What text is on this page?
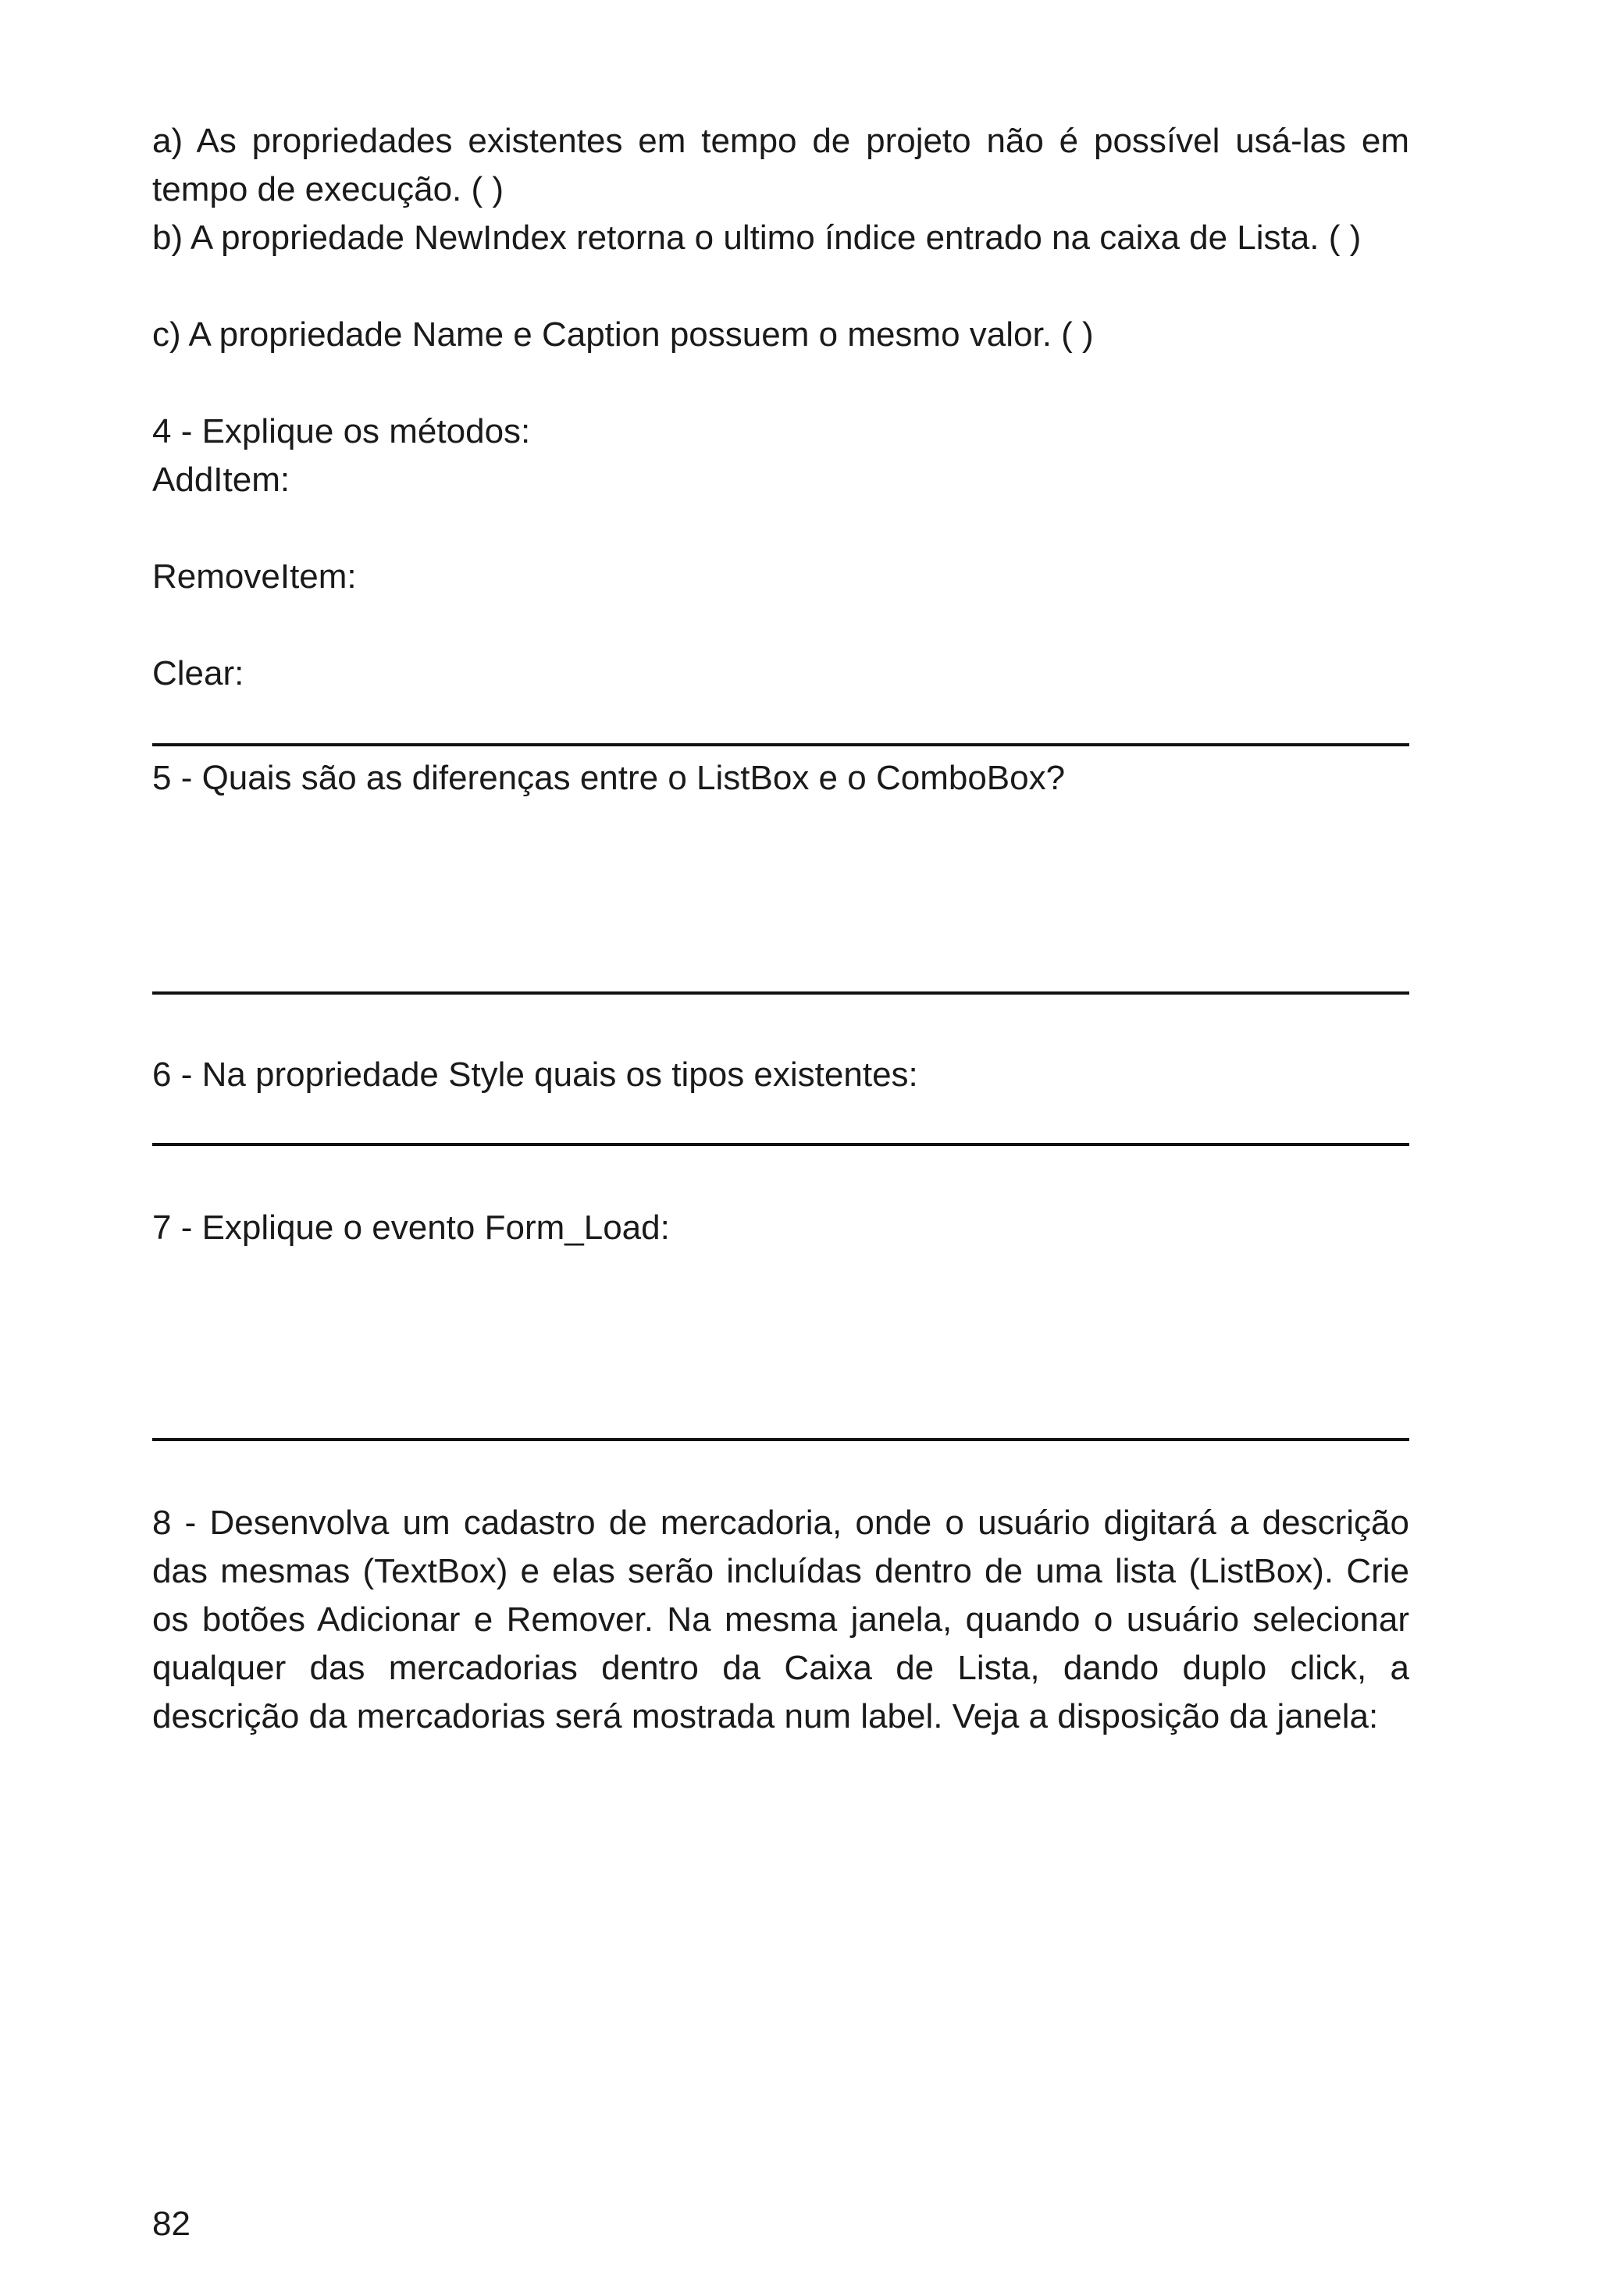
a) As propriedades existentes em tempo de projeto não é possível usá-las em tempo de execução. ( )

b) A propriedade NewIndex retorna o ultimo índice entrado na caixa de Lista. ( )

c) A propriedade Name e Caption possuem o mesmo valor. ( )

4 - Explique os métodos:

AddItem:

RemoveItem:

Clear:

5 - Quais são as diferenças entre o ListBox e o ComboBox?

6 - Na propriedade Style quais os tipos existentes:

7 - Explique o evento Form_Load:

8 - Desenvolva um cadastro de mercadoria, onde o usuário digitará a descrição das mesmas (TextBox) e elas serão incluídas dentro de uma lista (ListBox). Crie os botões Adicionar e Remover. Na mesma janela, quando o usuário selecionar qualquer das mercadorias dentro da Caixa de Lista, dando duplo click, a descrição da mercadorias será mostrada num label. Veja a disposição da janela:

82
